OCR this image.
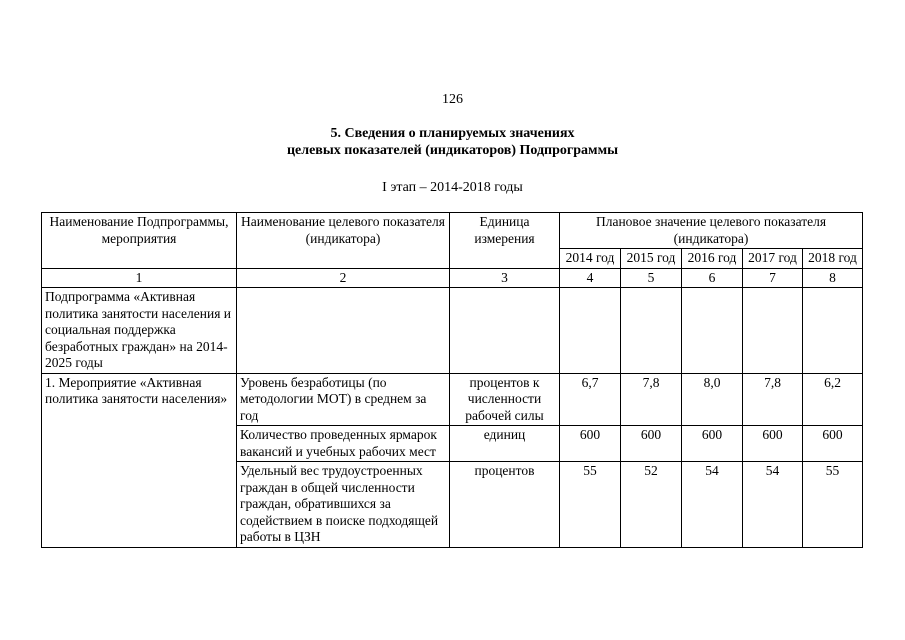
126
5. Сведения о планируемых значениях
целевых показателей (индикаторов) Подпрограммы
I этап – 2014-2018 годы
Наименование Подпрограммы, мероприятия	Наименование целевого показателя (индикатора)	Единица измерения	Плановое значение целевого показателя (индикатора)				
			2014 год	2015 год	2016 год	2017 год	2018 год
1	2	3	4	5	6	7	8
Подпрограмма «Активная политика занятости населения и социальная поддержка безработных граждан» на 2014-2025 годы							
1. Мероприятие «Активная политика занятости населения»	Уровень безработицы (по методологии МОТ) в среднем за год	процентов к численности рабочей силы	6,7	7,8	8,0	7,8	6,2
	Количество проведенных ярмарок вакансий и учебных рабочих мест	единиц	600	600	600	600	600
	Удельный вес трудоустроенных граждан в общей численности граждан, обратившихся за содействием в поиске подходящей работы в ЦЗН	процентов	55	52	54	54	55
